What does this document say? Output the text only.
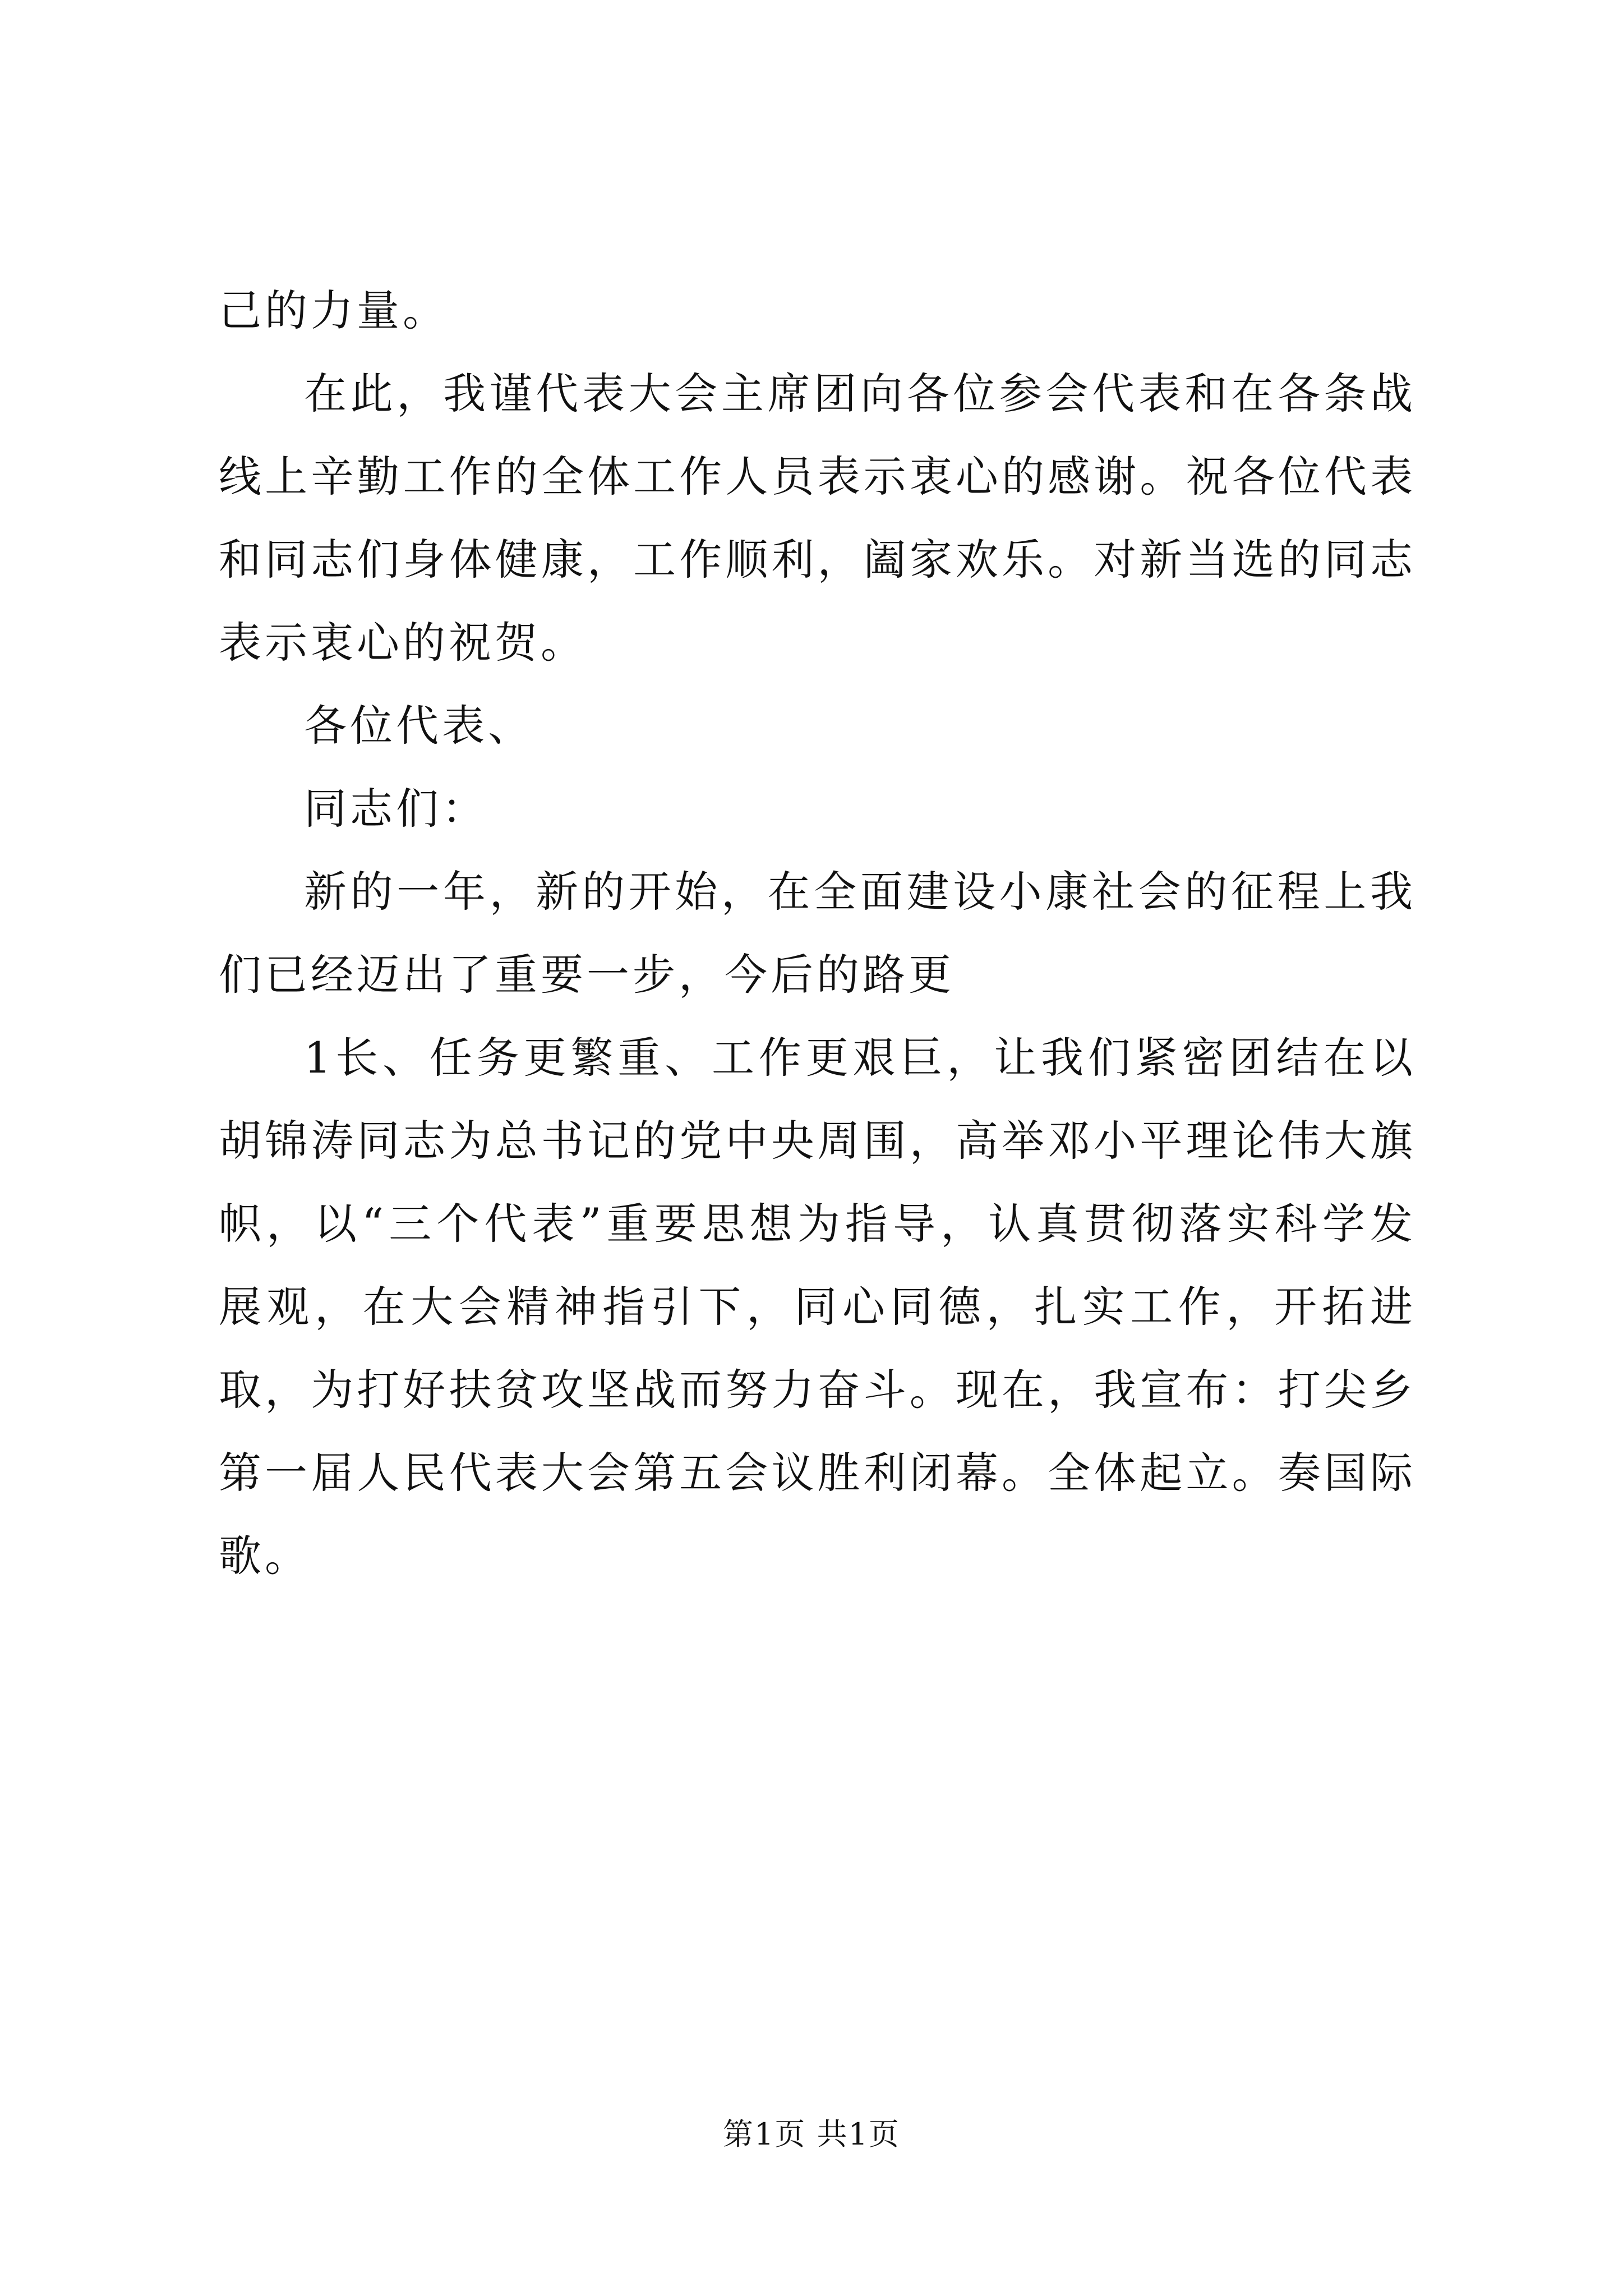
己的力量。

在此，我谨代表大会主席团向各位参会代表和在各条战线上辛勤工作的全体工作人员表示衷心的感谢。祝各位代表和同志们身体健康，工作顺利，阖家欢乐。对新当选的同志表示衷心的祝贺。

各位代表、

同志们：

新的一年，新的开始，在全面建设小康社会的征程上我们已经迈出了重要一步，今后的路更

1长、任务更繁重、工作更艰巨，让我们紧密团结在以胡锦涛同志为总书记的党中央周围，高举邓小平理论伟大旗帜，以“三个代表”重要思想为指导，认真贯彻落实科学发展观，在大会精神指引下，同心同德，扎实工作，开拓进取，为打好扶贫攻坚战而努力奋斗。现在，我宣布：打尖乡第一届人民代表大会第五会议胜利闭幕。全体起立。奏国际歌。

第1页 共1页
